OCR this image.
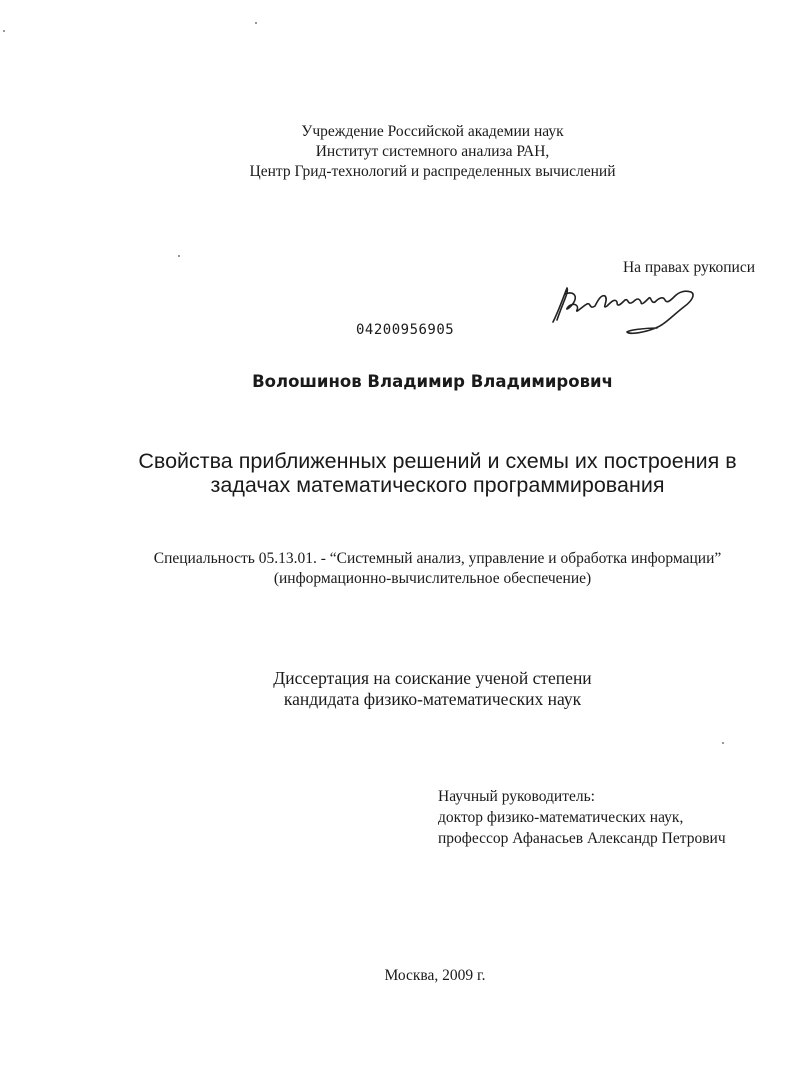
Учреждение Российской академии наук
Институт системного анализа РАН,
Центр Грид-технологий и распределенных вычислений
На правах рукописи
04200956905
Волошинов Владимир Владимирович
Свойства приближенных решений и схемы их построения в
задачах математического программирования
Специальность 05.13.01. - “Системный анализ, управление и обработка информации”
(информационно-вычислительное обеспечение)
Диссертация на соискание ученой степени
кандидата физико-математических наук
Научный руководитель:
доктор физико-математических наук,
профессор Афанасьев Александр Петрович
Москва, 2009 г.
